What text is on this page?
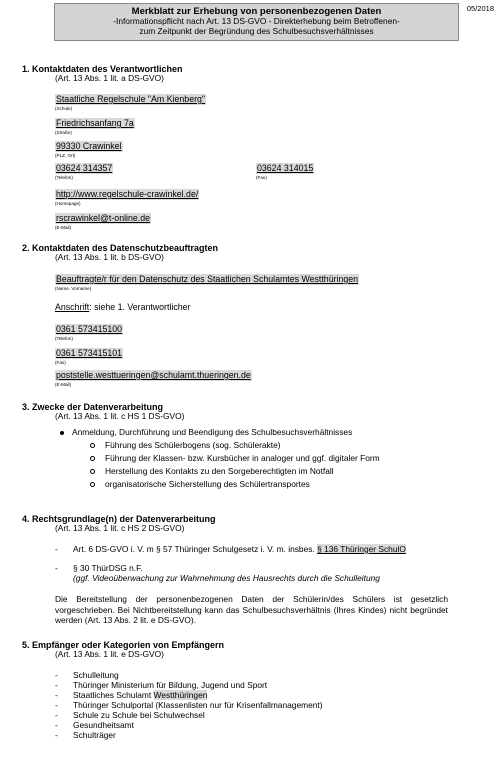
05/2018
Merkblatt zur Erhebung von personenbezogenen Daten
-Informationspflicht nach Art. 13 DS-GVO - Direkterhebung beim Betroffenen-
zum Zeitpunkt der Begründung des Schulbesuchsverhältnisses
1. Kontaktdaten des Verantwortlichen
(Art. 13 Abs. 1 lit. a DS-GVO)
Staatliche Regelschule "Am Kienberg"
(Schule)
Friedrichsanfang 7a
(Straße)
99330 Crawinkel
(PLZ, Ort)
03624 314357
(Telefon)
03624 314015
(Fax)
http://www.regelschule-crawinkel.de/
(Homepage)
rscrawinkel@t-online.de
(E-Mail)
2. Kontaktdaten des Datenschutzbeauftragten
(Art. 13 Abs. 1 lit. b DS-GVO)
Beauftragte/r für den Datenschutz des Staatlichen Schulamtes Westthüringen
(Name, Vorname)
Anschrift: siehe 1. Verantwortlicher
0361 573415100
(Telefon)
0361 573415101
(Fax)
poststelle.westtueringen@schulamt.thueringen.de
(E-Mail)
3. Zwecke der Datenverarbeitung
(Art. 13 Abs. 1 lit. c HS 1 DS-GVO)
Anmeldung, Durchführung und Beendigung des Schulbesuchsverhältnisses
Führung des Schülerbogens (sog. Schülerakte)
Führung der Klassen- bzw. Kursbücher in analoger und ggf. digitaler Form
Herstellung des Kontakts zu den Sorgeberechtigten im Notfall
organisatorische Sicherstellung des Schülertransportes
4. Rechtsgrundlage(n) der Datenverarbeitung
(Art. 13 Abs. 1 lit. c HS 2 DS-GVO)
- Art. 6 DS-GVO i. V. m § 57 Thüringer Schulgesetz i. V. m. insbes. § 136 Thüringer SchulO
- § 30 ThürDSG n.F.
(ggf. Videoüberwachung zur Wahrnehmung des Hausrechts durch die Schulleitung
Die Bereitstellung der personenbezogenen Daten der Schülerin/des Schülers ist gesetzlich vorgeschrieben. Bei Nichtbereitstellung kann das Schulbesuchsverhältnis (Ihres Kindes) nicht begründet werden (Art. 13 Abs. 2 lit. e DS-GVO).
5. Empfänger oder Kategorien von Empfängern
(Art. 13 Abs. 1 lit. e DS-GVO)
- Schulleitung
- Thüringer Ministerium für Bildung, Jugend und Sport
- Staatliches Schulamt Westthüringen
- Thüringer Schulportal (Klassenlisten nur für Krisenfallmanagement)
- Schule zu Schule bei Schulwechsel
- Gesundheitsamt
- Schulträger
